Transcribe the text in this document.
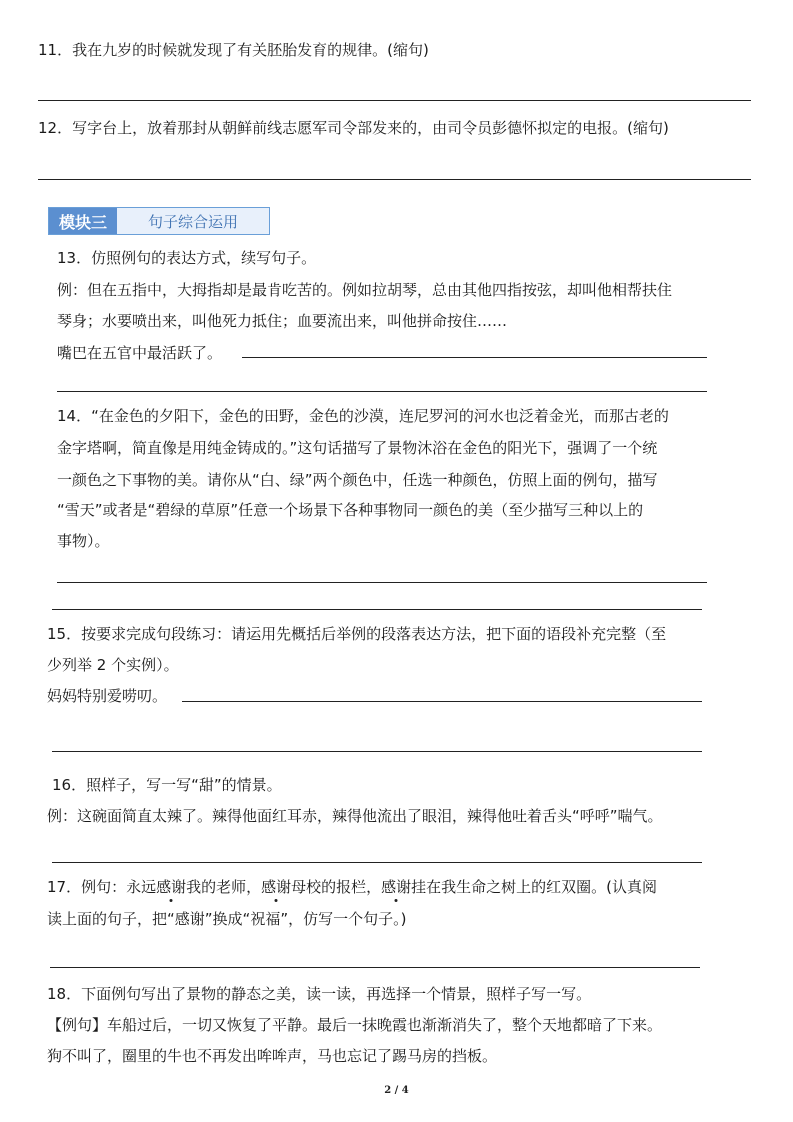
11．我在九岁的时候就发现了有关胚胎发育的规律。(缩句)
12．写字台上，放着那封从朝鲜前线志愿军司令部发来的，由司令员彭德怀拟定的电报。(缩句)
模块三	句子综合运用
13．仿照例句的表达方式，续写句子。
例：但在五指中，大拇指却是最肯吃苦的。例如拉胡琴，总由其他四指按弦，却叫他相帮扶住
琴身；水要喷出来，叫他死力抵住；血要流出来，叫他拼命按住……
嘴巴在五官中最活跃了。
14．“在金色的夕阳下，金色的田野，金色的沙漠，连尼罗河的河水也泛着金光，而那古老的
金字塔啊，简直像是用纯金铸成的。”这句话描写了景物沐浴在金色的阳光下，强调了一个统
一颜色之下事物的美。请你从“白、绿”两个颜色中，任选一种颜色，仿照上面的例句，描写
“雪天”或者是“碧绿的草原”任意一个场景下各种事物同一颜色的美（至少描写三种以上的
事物）。
15．按要求完成句段练习：请运用先概括后举例的段落表达方法，把下面的语段补充完整（至
少列举 2 个实例）。
妈妈特别爱唠叨。
16．照样子，写一写“甜”的情景。
例：这碗面简直太辣了。辣得他面红耳赤，辣得他流出了眼泪，辣得他吐着舌头“呼呼”喘气。
17．例句：永远感谢我的老师，感谢母校的报栏，感谢挂在我生命之树上的红双圈。(认真阅
读上面的句子，把“感谢”换成“祝福”，仿写一个句子。)
18．下面例句写出了景物的静态之美，读一读，再选择一个情景，照样子写一写。
【例句】车船过后，一切又恢复了平静。最后一抹晚霞也渐渐消失了，整个天地都暗了下来。
狗不叫了，圈里的牛也不再发出哞哞声，马也忘记了踢马房的挡板。
2 / 4
